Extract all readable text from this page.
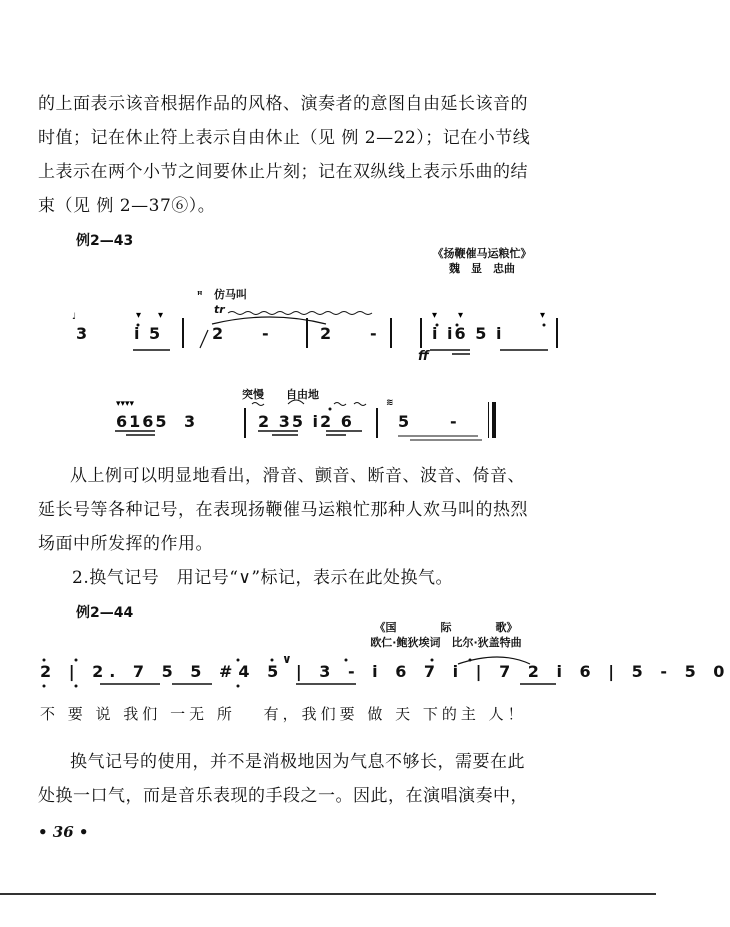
的上面表示该音根据作品的风格、演奏者的意图自由延长该音的

时值；记在休止符上表示自由休止（见 例 2—22）；记在小节线

上表示在两个小节之间要休止片刻；记在双纵线上表示乐曲的结

束（见 例 2—37⑥）。

例2—43
《扬鞭催马运粮忙》
魏　显　忠曲
▾ ▾	▾ ▾	▾
♩
3	i 5
ꟸ 仿马叫
tr
2 -	2 -	i i6 5 i
ff
▾▾▾▾
6165 3
突慢 自由地
2 35 i2 6
≋
5 -

从上例可以明显地看出，滑音、颤音、断音、波音、倚音、

延长号等各种记号，在表现扬鞭催马运粮忙那种人欢马叫的热烈

场面中所发挥的作用。

2.换气记号　用记号“∨”标记，表示在此处换气。

例2—44
《国　　　　际　　　　歌》
欧仁·鲍狄埃词　比尔·狄盖特曲
2 | 2. 7 5 5 #4 5 | 3 - i 6 7 i | 7 2 i 6 | 5 - 5 0
∨
不 要 说 我们 一无 所　 有，我们要 做 天 下的主 人！

换气记号的使用，并不是消极地因为气息不够长，需要在此

处换一口气，而是音乐表现的手段之一。因此，在演唱演奏中，

• 36 •
